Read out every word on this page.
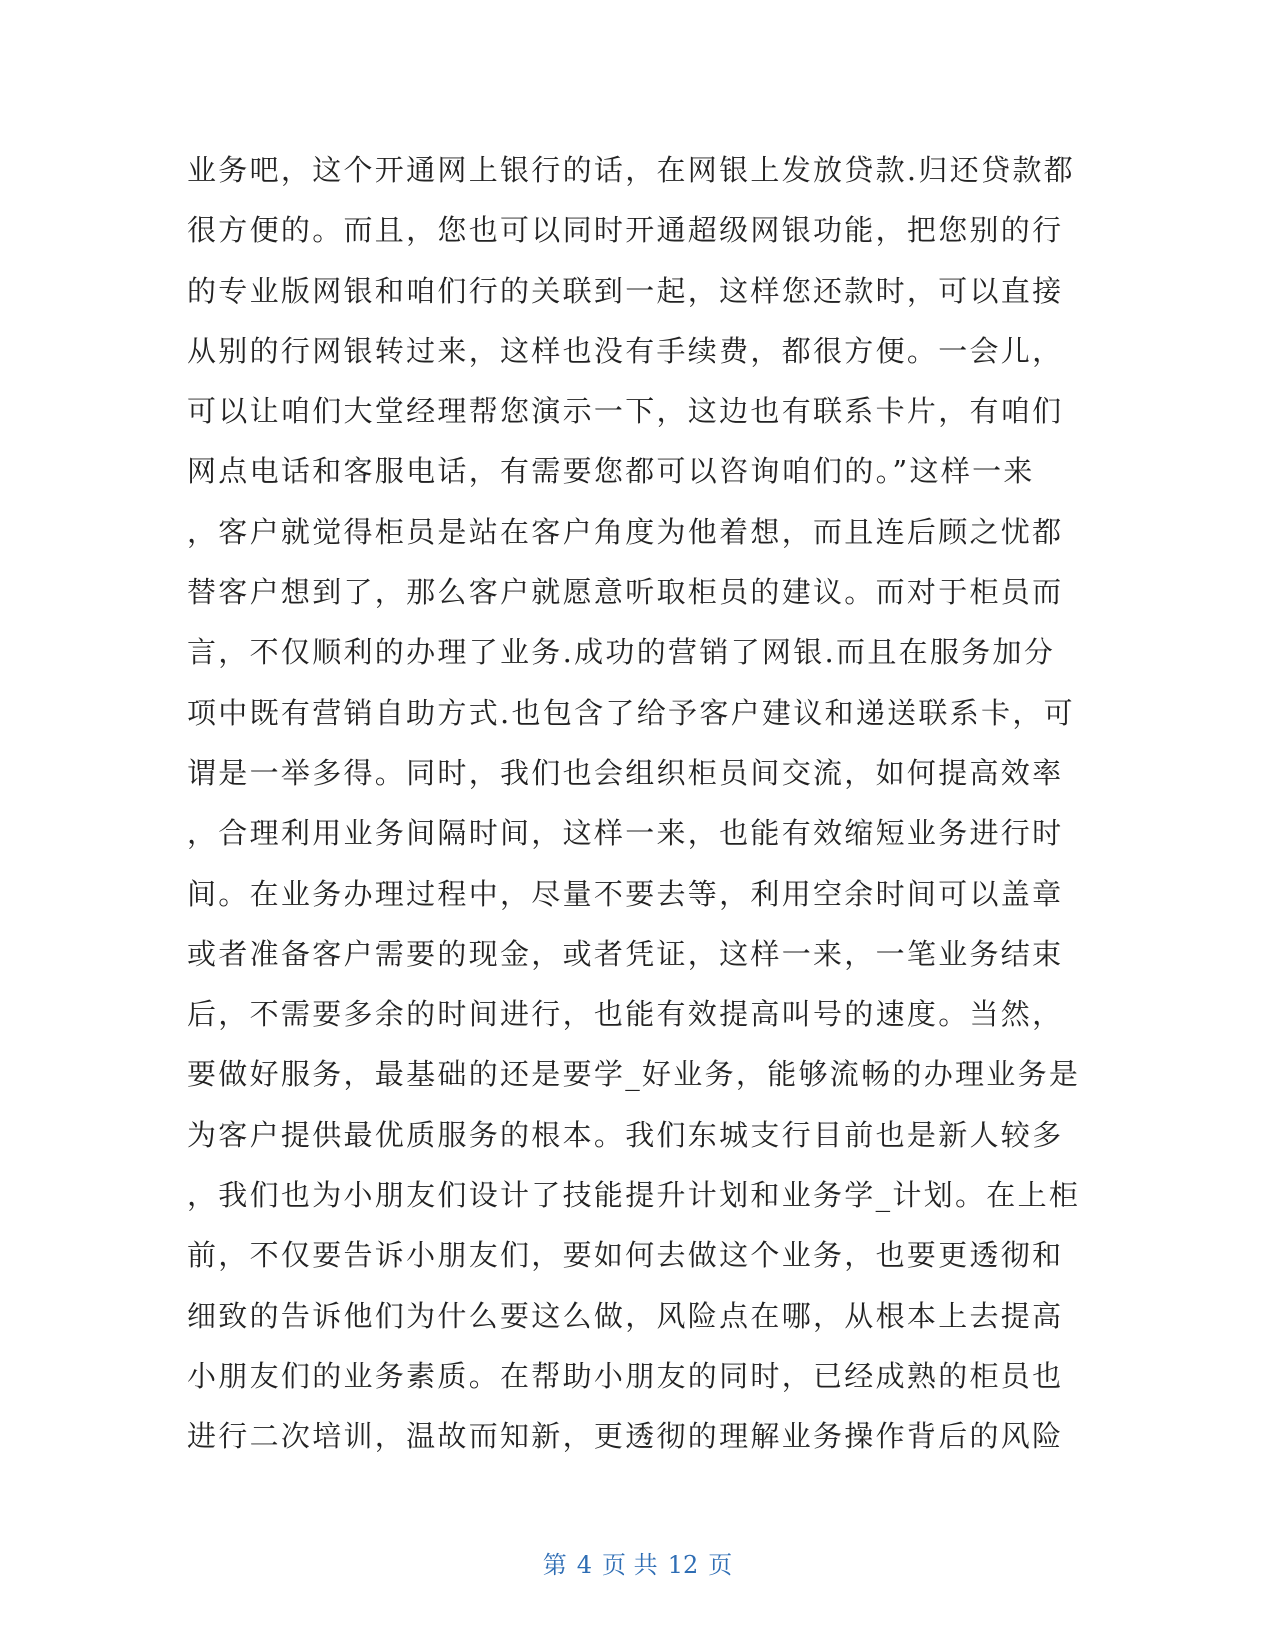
业务吧，这个开通网上银行的话，在网银上发放贷款.归还贷款都
很方便的。而且，您也可以同时开通超级网银功能，把您别的行
的专业版网银和咱们行的关联到一起，这样您还款时，可以直接
从别的行网银转过来，这样也没有手续费，都很方便。一会儿，
可以让咱们大堂经理帮您演示一下，这边也有联系卡片，有咱们
网点电话和客服电话，有需要您都可以咨询咱们的。”这样一来
，客户就觉得柜员是站在客户角度为他着想，而且连后顾之忧都
替客户想到了，那么客户就愿意听取柜员的建议。而对于柜员而
言，不仅顺利的办理了业务.成功的营销了网银.而且在服务加分
项中既有营销自助方式.也包含了给予客户建议和递送联系卡，可
谓是一举多得。同时，我们也会组织柜员间交流，如何提高效率
，合理利用业务间隔时间，这样一来，也能有效缩短业务进行时
间。在业务办理过程中，尽量不要去等，利用空余时间可以盖章
或者准备客户需要的现金，或者凭证，这样一来，一笔业务结束
后，不需要多余的时间进行，也能有效提高叫号的速度。当然，
要做好服务，最基础的还是要学_好业务，能够流畅的办理业务是
为客户提供最优质服务的根本。我们东城支行目前也是新人较多
，我们也为小朋友们设计了技能提升计划和业务学_计划。在上柜
前，不仅要告诉小朋友们，要如何去做这个业务，也要更透彻和
细致的告诉他们为什么要这么做，风险点在哪，从根本上去提高
小朋友们的业务素质。在帮助小朋友的同时，已经成熟的柜员也
进行二次培训，温故而知新，更透彻的理解业务操作背后的风险
第 4 页 共 12 页
